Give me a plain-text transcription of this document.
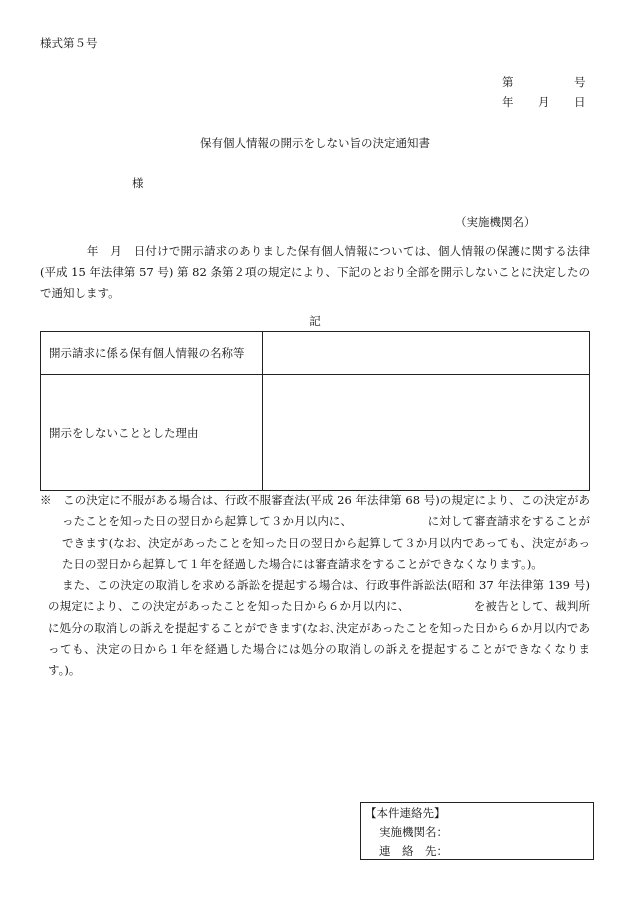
様式第５号
第	号
年 月 日
保有個人情報の開示をしない旨の決定通知書
様
（実施機関名）

　　　　年　月　日付けで開示請求のありました保有個人情報については、個人情報の保護に関する法律(平成 15 年法律第 57 号) 第 82 条第２項の規定により、下記のとおり全部を開示しないことに決定したので通知します。

記
開示請求に係る保有個人情報の名称等	
開示をしないこととした理由	

※　この決定に不服がある場合は、行政不服審査法(平成 26 年法律第 68 号)の規定により、この決定があったことを知った日の翌日から起算して３か月以内に、　　　　　　　に対して審査請求をすることができます(なお、決定があったことを知った日の翌日から起算して３か月以内であっても、決定があった日の翌日から起算して１年を経過した場合には審査請求をすることができなくなります。)。

また、この決定の取消しを求める訴訟を提起する場合は、行政事件訴訟法(昭和 37 年法律第 139 号)の規定により、この決定があったことを知った日から６か月以内に、　　　　　　を被告として、裁判所に処分の取消しの訴えを提起することができます(なお､決定があったことを知った日から６か月以内であっても、決定の日から１年を経過した場合には処分の取消しの訴えを提起することができなくなります。)。

【本件連絡先】
実施機関名：
連　絡　先：
